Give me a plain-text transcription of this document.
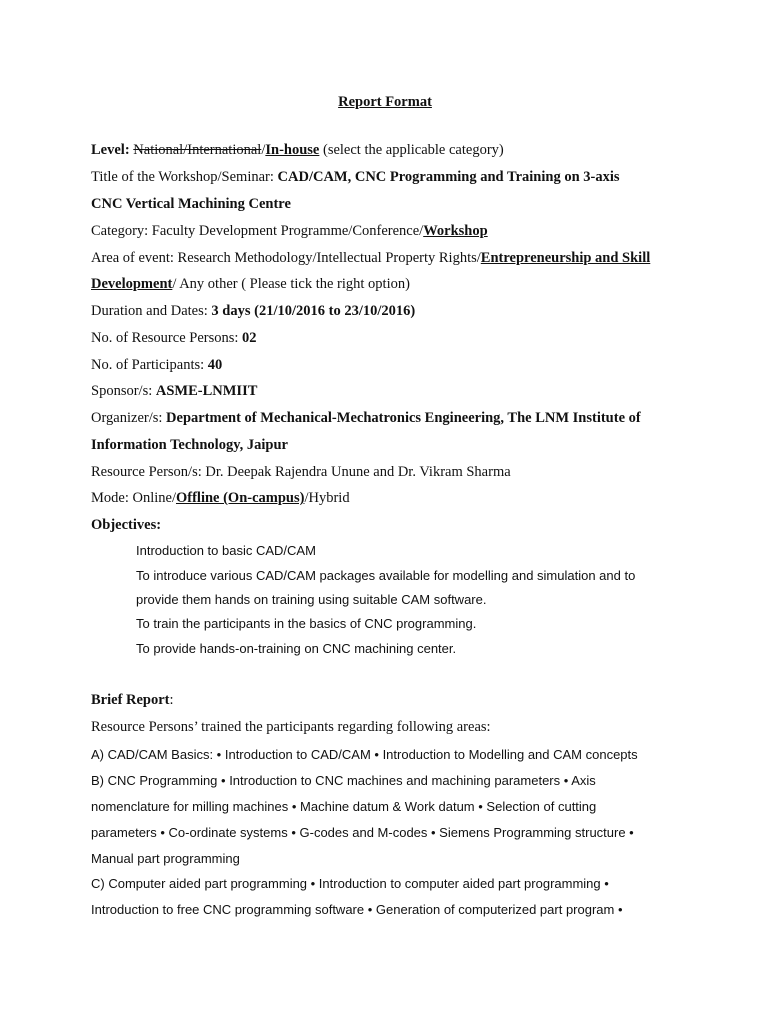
Report Format
Level: National/International/In-house (select the applicable category)
Title of the Workshop/Seminar: CAD/CAM, CNC Programming and Training on 3-axis
CNC Vertical Machining Centre
Category: Faculty Development Programme/Conference/Workshop
Area of event: Research Methodology/Intellectual Property Rights/Entrepreneurship and Skill
Development/ Any other ( Please tick the right option)
Duration and Dates: 3 days (21/10/2016 to 23/10/2016)
No. of Resource Persons: 02
No. of Participants: 40
Sponsor/s: ASME-LNMIIT
Organizer/s: Department of Mechanical-Mechatronics Engineering, The LNM Institute of
Information Technology, Jaipur
Resource Person/s: Dr. Deepak Rajendra Unune and Dr. Vikram Sharma
Mode: Online/Offline (On-campus)/Hybrid
Objectives:
Introduction to basic CAD/CAM
To introduce various CAD/CAM packages available for modelling and simulation and to
provide them hands on training using suitable CAM software.
To train the participants in the basics of CNC programming.
To provide hands-on-training on CNC machining center.
Brief Report:
Resource Persons’ trained the participants regarding following areas:
A) CAD/CAM Basics: • Introduction to CAD/CAM • Introduction to Modelling and CAM concepts
B) CNC Programming • Introduction to CNC machines and machining parameters • Axis
nomenclature for milling machines • Machine datum & Work datum • Selection of cutting
parameters • Co-ordinate systems • G-codes and M-codes • Siemens Programming structure •
Manual part programming
C) Computer aided part programming • Introduction to computer aided part programming •
Introduction to free CNC programming software • Generation of computerized part program •
